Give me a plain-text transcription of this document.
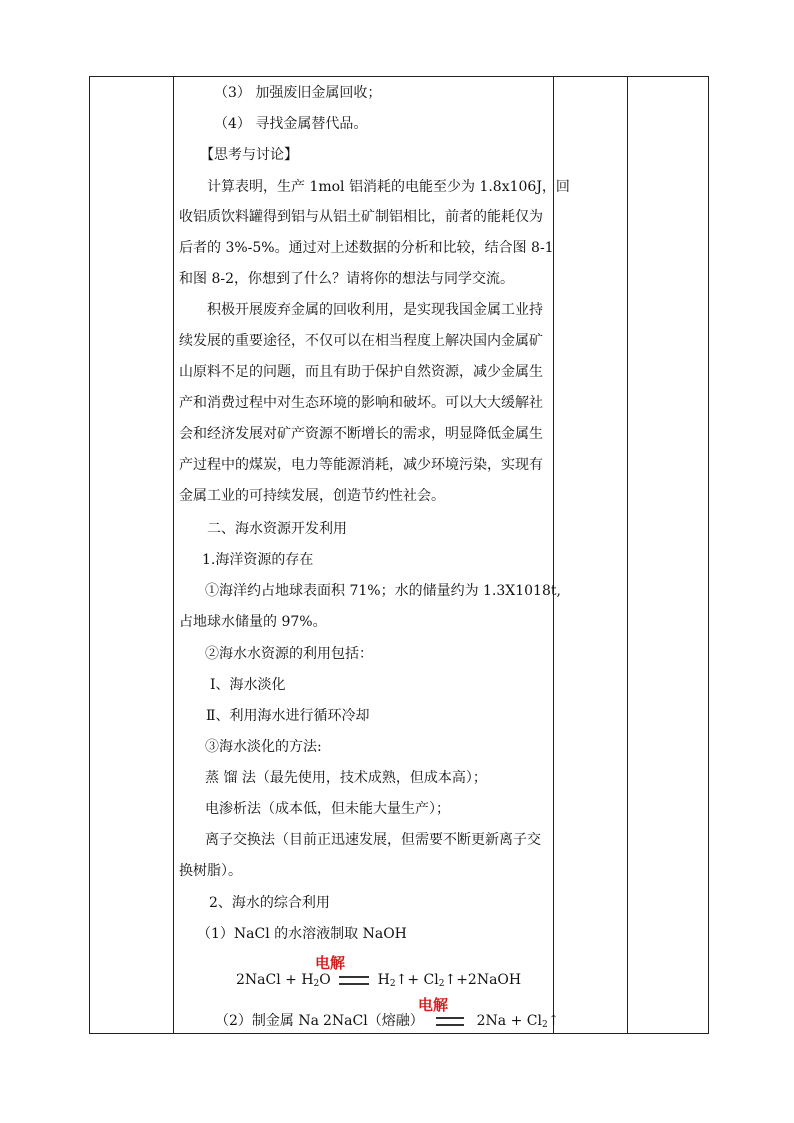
（3） 加强废旧金属回收；
（4） 寻找金属替代品。
【思考与讨论】
计算表明，生产 1mol 铝消耗的电能至少为 1.8x106J，回
收铝质饮料罐得到铝与从铝土矿制铝相比，前者的能耗仅为
后者的 3%-5%。通过对上述数据的分析和比较，结合图 8-1
和图 8-2，你想到了什么？请将你的想法与同学交流。
积极开展废弃金属的回收利用，是实现我国金属工业持
续发展的重要途径，不仅可以在相当程度上解决国内金属矿
山原料不足的问题，而且有助于保护自然资源，减少金属生
产和消费过程中对生态环境的影响和破坏。可以大大缓解社
会和经济发展对矿产资源不断增长的需求，明显降低金属生
产过程中的煤炭，电力等能源消耗，减少环境污染，实现有
金属工业的可持续发展，创造节约性社会。
二、海水资源开发利用
1.海洋资源的存在
①海洋约占地球表面积 71%；水的储量约为 1.3X1018t,
占地球水储量的 97%。
②海水水资源的利用包括：
Ⅰ、海水淡化
Ⅱ、利用海水进行循环冷却
③海水淡化的方法:
蒸 馏 法（最先使用，技术成熟，但成本高）；
电渗析法（成本低，但未能大量生产）；
离子交换法（目前正迅速发展，但需要不断更新离子交
换树脂）。
2、海水的综合利用
（1）NaCl 的水溶液制取 NaOH
2NaCl + $H_2O$	$H_2↑+$ $Cl_2↑+2NaOH$
电解
（2）制金属 Na 2NaCl（熔融）	$2Na + Cl_2↑$
电解
